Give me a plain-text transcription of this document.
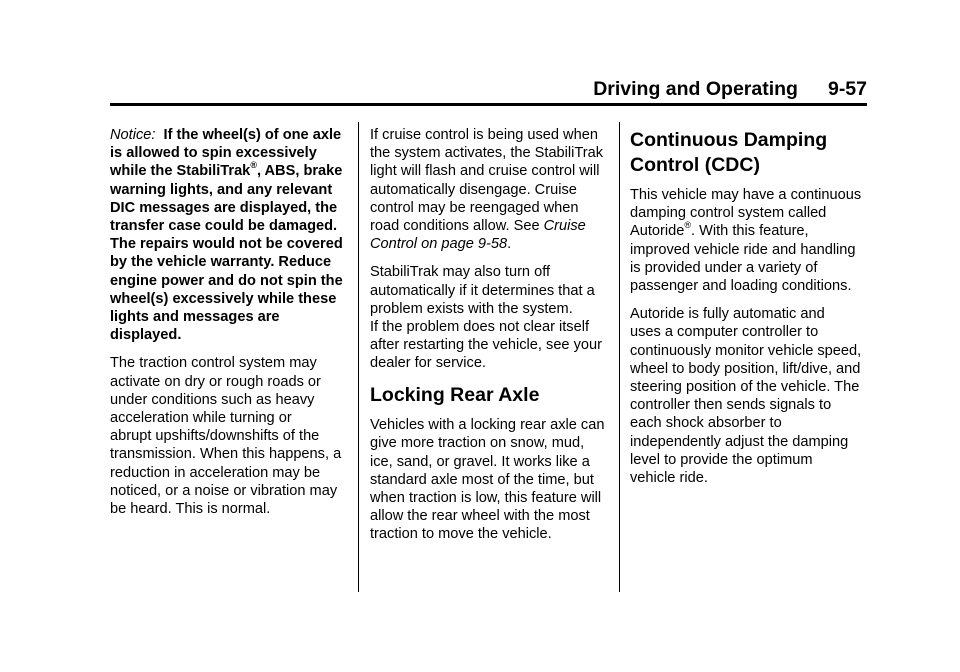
Driving and Operating 9-57

Notice: If the wheel(s) of one axle
is allowed to spin excessively
while the StabiliTrak®, ABS, brake
warning lights, and any relevant
DIC messages are displayed, the
transfer case could be damaged.
The repairs would not be covered
by the vehicle warranty. Reduce
engine power and do not spin the
wheel(s) excessively while these
lights and messages are
displayed.

The traction control system may
activate on dry or rough roads or
under conditions such as heavy
acceleration while turning or
abrupt upshifts/downshifts of the
transmission. When this happens, a
reduction in acceleration may be
noticed, or a noise or vibration may
be heard. This is normal.

If cruise control is being used when
the system activates, the StabiliTrak
light will flash and cruise control will
automatically disengage. Cruise
control may be reengaged when
road conditions allow. See Cruise
Control on page 9-58.

StabiliTrak may also turn off
automatically if it determines that a
problem exists with the system.
If the problem does not clear itself
after restarting the vehicle, see your
dealer for service.

Locking Rear Axle

Vehicles with a locking rear axle can
give more traction on snow, mud,
ice, sand, or gravel. It works like a
standard axle most of the time, but
when traction is low, this feature will
allow the rear wheel with the most
traction to move the vehicle.

Continuous Damping
Control (CDC)

This vehicle may have a continuous
damping control system called
Autoride®. With this feature,
improved vehicle ride and handling
is provided under a variety of
passenger and loading conditions.

Autoride is fully automatic and
uses a computer controller to
continuously monitor vehicle speed,
wheel to body position, lift/dive, and
steering position of the vehicle. The
controller then sends signals to
each shock absorber to
independently adjust the damping
level to provide the optimum
vehicle ride.
